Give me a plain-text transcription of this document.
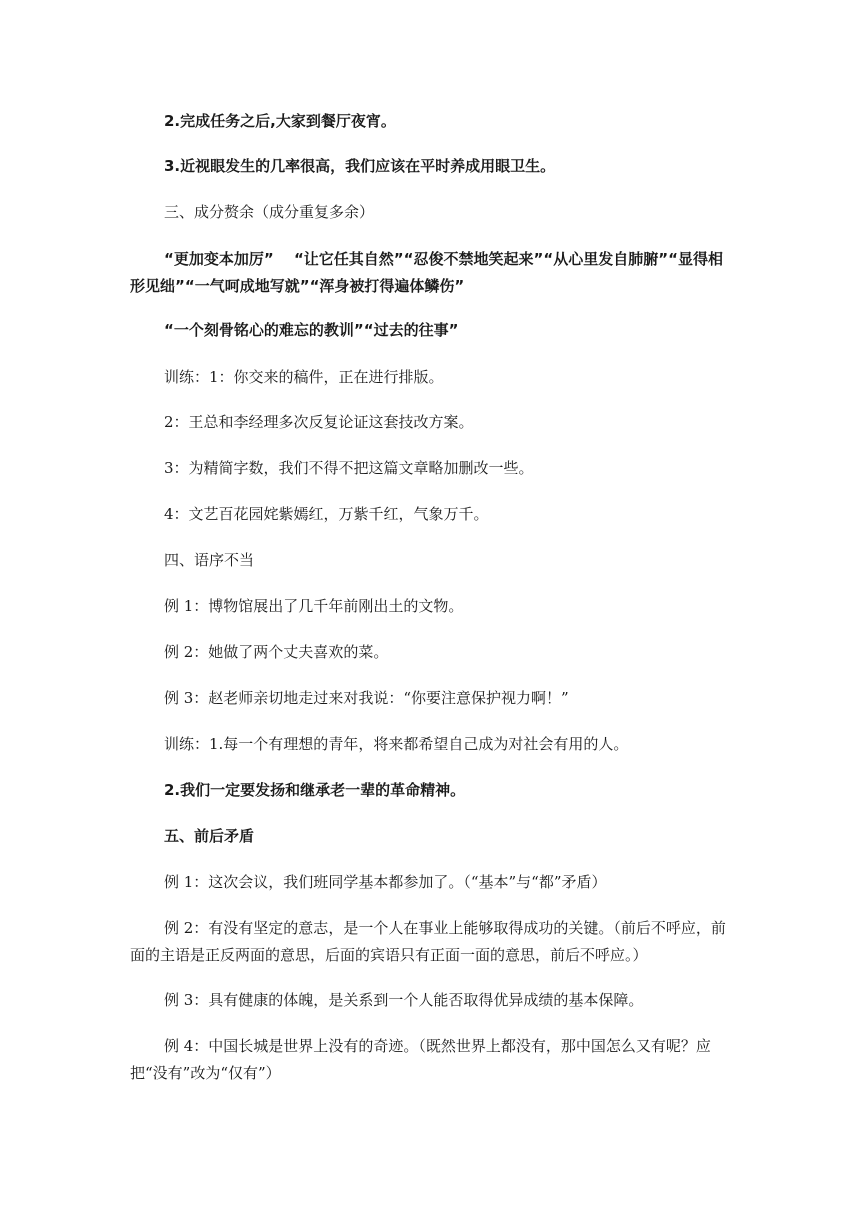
2.完成任务之后,大家到餐厅夜宵。

3.近视眼发生的几率很高，我们应该在平时养成用眼卫生。

三、成分赘余（成分重复多余）

“更加变本加厉”　 “让它任其自然”“忍俊不禁地笑起来”“从心里发自肺腑”“显得相形见绌”“一气呵成地写就”“浑身被打得遍体鳞伤”

“一个刻骨铭心的难忘的教训”“过去的往事”

训练：1：你交来的稿件，正在进行排版。

2：王总和李经理多次反复论证这套技改方案。

3：为精简字数，我们不得不把这篇文章略加删改一些。

4：文艺百花园姹紫嫣红，万紫千红，气象万千。

四、语序不当

例 1：博物馆展出了几千年前刚出土的文物。

例 2：她做了两个丈夫喜欢的菜。

例 3：赵老师亲切地走过来对我说：“你要注意保护视力啊！”

训练：1.每一个有理想的青年，将来都希望自己成为对社会有用的人。

2.我们一定要发扬和继承老一辈的革命精神。

五、前后矛盾

例 1：这次会议，我们班同学基本都参加了。（“基本”与“都”矛盾）

例 2：有没有坚定的意志，是一个人在事业上能够取得成功的关键。（前后不呼应，前面的主语是正反两面的意思，后面的宾语只有正面一面的意思，前后不呼应。）

例 3：具有健康的体魄，是关系到一个人能否取得优异成绩的基本保障。

例 4：中国长城是世界上没有的奇迹。（既然世界上都没有，那中国怎么又有呢？应把“没有”改为“仅有”）
